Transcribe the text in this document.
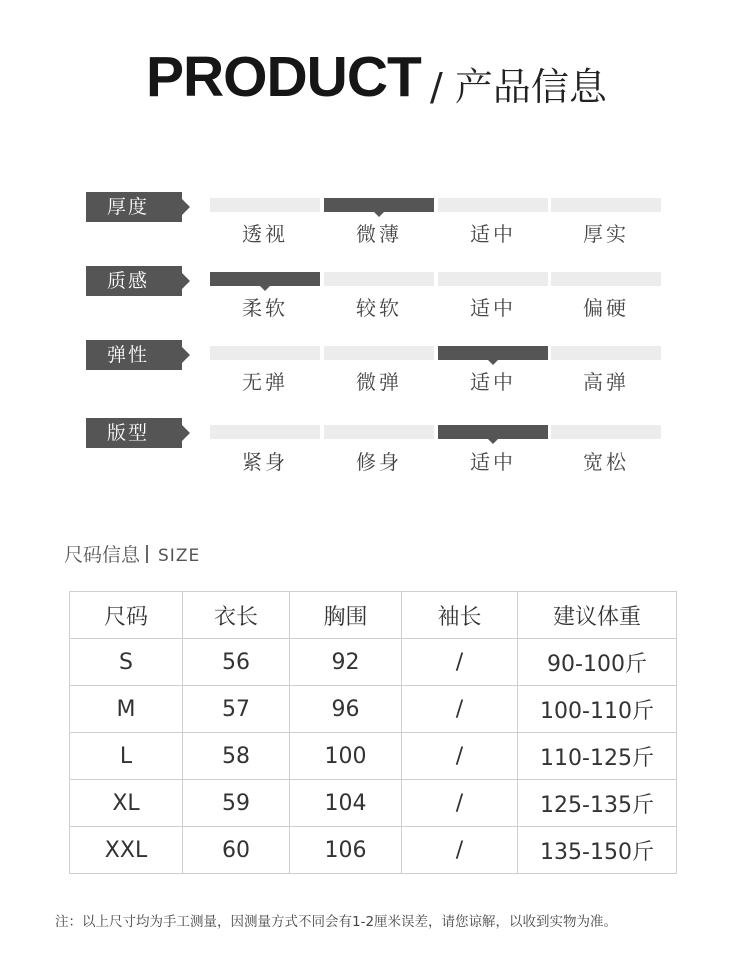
PRODUCT / 产品信息
厚度
透视	微薄	适中	厚实
质感
柔软	较软	适中	偏硬
弹性
无弹	微弹	适中	高弹
版型
紧身	修身	适中	宽松
尺码信息 SIZE
尺码	衣长	胸围	袖长	建议体重
S	56	92	/	90-100斤
M	57	96	/	100-110斤
L	58	100	/	110-125斤
XL	59	104	/	125-135斤
XXL	60	106	/	135-150斤
注：以上尺寸均为手工测量，因测量方式不同会有1-2厘米误差，请您谅解，以收到实物为准。
